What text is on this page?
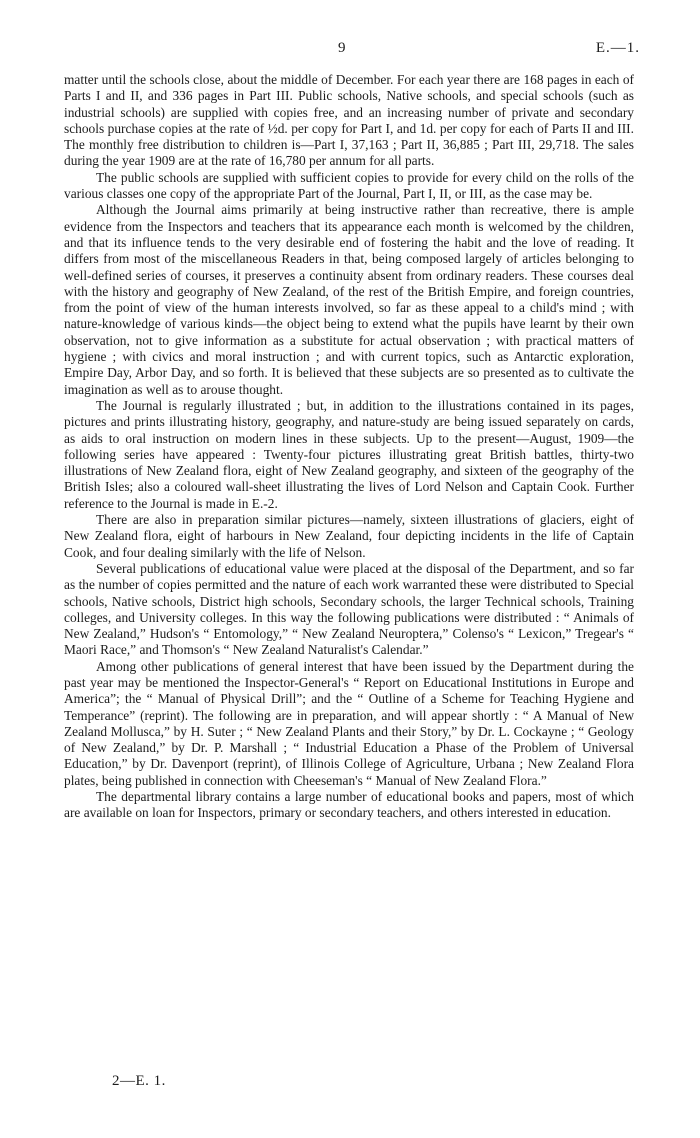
9	E.—1.

matter until the schools close, about the middle of December. For each year there are 168 pages in each of Parts I and II, and 336 pages in Part III. Public schools, Native schools, and special schools (such as industrial schools) are supplied with copies free, and an increasing number of private and secondary schools purchase copies at the rate of ½d. per copy for Part I, and 1d. per copy for each of Parts II and III. The monthly free distribution to children is—Part I, 37,163 ; Part II, 36,885 ; Part III, 29,718. The sales during the year 1909 are at the rate of 16,780 per annum for all parts.

The public schools are supplied with sufficient copies to provide for every child on the rolls of the various classes one copy of the appropriate Part of the Journal, Part I, II, or III, as the case may be.

Although the Journal aims primarily at being instructive rather than recreative, there is ample evidence from the Inspectors and teachers that its appearance each month is welcomed by the children, and that its influence tends to the very desirable end of fostering the habit and the love of reading. It differs from most of the miscellaneous Readers in that, being composed largely of articles belonging to well-defined series of courses, it preserves a continuity absent from ordinary readers. These courses deal with the history and geography of New Zealand, of the rest of the British Empire, and foreign countries, from the point of view of the human interests involved, so far as these appeal to a child's mind ; with nature-knowledge of various kinds—the object being to extend what the pupils have learnt by their own observation, not to give information as a substitute for actual observation ; with practical matters of hygiene ; with civics and moral instruction ; and with current topics, such as Antarctic exploration, Empire Day, Arbor Day, and so forth. It is believed that these subjects are so presented as to cultivate the imagination as well as to arouse thought.

The Journal is regularly illustrated ; but, in addition to the illustrations contained in its pages, pictures and prints illustrating history, geography, and nature-study are being issued separately on cards, as aids to oral instruction on modern lines in these subjects. Up to the present—August, 1909—the following series have appeared : Twenty-four pictures illustrating great British battles, thirty-two illustrations of New Zealand flora, eight of New Zealand geography, and sixteen of the geography of the British Isles; also a coloured wall-sheet illustrating the lives of Lord Nelson and Captain Cook. Further reference to the Journal is made in E.-2.

There are also in preparation similar pictures—namely, sixteen illustrations of glaciers, eight of New Zealand flora, eight of harbours in New Zealand, four depicting incidents in the life of Captain Cook, and four dealing similarly with the life of Nelson.

Several publications of educational value were placed at the disposal of the Department, and so far as the number of copies permitted and the nature of each work warranted these were distributed to Special schools, Native schools, District high schools, Secondary schools, the larger Technical schools, Training colleges, and University colleges. In this way the following publications were distributed : “ Animals of New Zealand,” Hudson's “ Entomology,” “ New Zealand Neuroptera,” Colenso's “ Lexicon,” Tregear's “ Maori Race,” and Thomson's “ New Zealand Naturalist's Calendar.”

Among other publications of general interest that have been issued by the Department during the past year may be mentioned the Inspector-General's “ Report on Educational Institutions in Europe and America”; the “ Manual of Physical Drill”; and the “ Outline of a Scheme for Teaching Hygiene and Temperance” (reprint). The following are in preparation, and will appear shortly : “ A Manual of New Zealand Mollusca,” by H. Suter ; “ New Zealand Plants and their Story,” by Dr. L. Cockayne ; “ Geology of New Zealand,” by Dr. P. Marshall ; “ Industrial Education a Phase of the Problem of Universal Education,” by Dr. Davenport (reprint), of Illinois College of Agriculture, Urbana ; New Zealand Flora plates, being published in connection with Cheeseman's “ Manual of New Zealand Flora.”

The departmental library contains a large number of educational books and papers, most of which are available on loan for Inspectors, primary or secondary teachers, and others interested in education.

2—E. 1.
